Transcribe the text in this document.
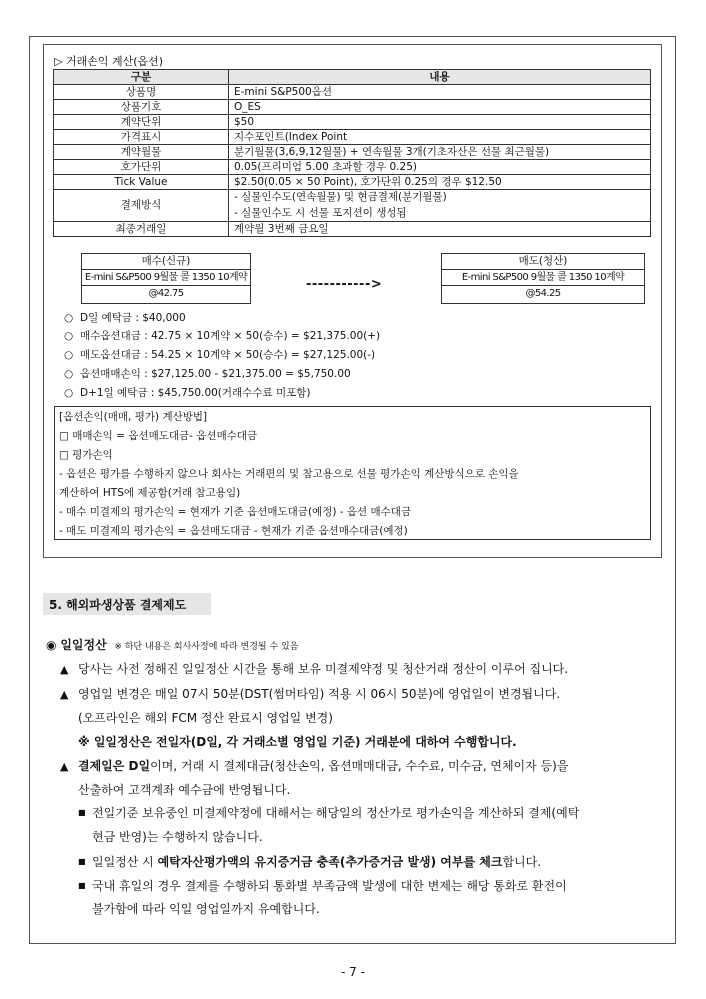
▷ 거래손익 계산(옵션)
구분	내용
상품명	E-mini S&P500옵션
상품기호	O_ES
계약단위	$50
가격표시	지수포인트(Index Point
계약월물	분기월물(3,6,9,12월물) + 연속월물 3개(기초자산은 선물 최근월물)
호가단위	0.05(프리미엄 5.00 초과할 경우 0.25)
Tick Value	$2.50(0.05 × 50 Point), 호가단위 0.25의 경우 $12.50
결제방식	- 실물인수도(연속월물) 및 현금결제(분기월물)
- 실물인수도 시 선물 포지션이 생성됨

최종거래일	계약월 3번째 금요일
매수(신규)
E-mini S&P500 9월물 콜 1350 10계약
@42.75
----------->
매도(청산)
E-mini S&P500 9월물 콜 1350 10계약
@54.25
○ D일 예탁금 : $40,000
○ 매수옵션대금 : 42.75 × 10계약 × 50(승수) = $21,375.00(+)
○ 매도옵션대금 : 54.25 × 10계약 × 50(승수) = $27,125.00(-)
○ 옵션매매손익 : $27,125.00 - $21,375.00 = $5,750.00
○ D+1일 예탁금 : $45,750.00(거래수수료 미포함)
[옵션손익(매매, 평가) 계산방법]
□ 매매손익 = 옵션매도대금- 옵션매수대금
□ 평가손익
- 옵션은 평가를 수행하지 않으나 회사는 거래편의 및 참고용으로 선물 평가손익 계산방식으로 손익을
계산하여 HTS에 제공함(거래 참고용임)
- 매수 미결제의 평가손익 = 현재가 기준 옵션매도대금(예정) - 옵션 매수대금
- 매도 미결제의 평가손익 = 옵션매도대금 - 현재가 기준 옵션매수대금(예정)
5. 해외파생상품 결제제도
◉ 일일정산 ※ 하단 내용은 회사사정에 따라 변경될 수 있음
▲ 당사는 사전 정해진 일일정산 시간을 통해 보유 미결제약정 및 청산거래 정산이 이루어 집니다.
▲ 영업일 변경은 매일 07시 50분(DST(썸머타임) 적용 시 06시 50분)에 영업일이 변경됩니다.
(오프라인은 해외 FCM 정산 완료시 영업일 변경)
※ 일일정산은 전일자(D일, 각 거래소별 영업일 기준) 거래분에 대하여 수행합니다.
▲ 결제일은 D일이며, 거래 시 결제대금(청산손익, 옵션매매대금, 수수료, 미수금, 연체이자 등)을
산출하여 고객계좌 예수금에 반영됩니다.
■ 전일기준 보유중인 미결제약정에 대해서는 해당일의 정산가로 평가손익을 계산하되 결제(예탁
현금 반영)는 수행하지 않습니다.
■ 일일정산 시 예탁자산평가액의 유지증거금 충족(추가증거금 발생) 여부를 체크합니다.
■ 국내 휴일의 경우 결제를 수행하되 통화별 부족금액 발생에 대한 변제는 해당 통화로 환전이
불가함에 따라 익일 영업일까지 유예합니다.
- 7 -
